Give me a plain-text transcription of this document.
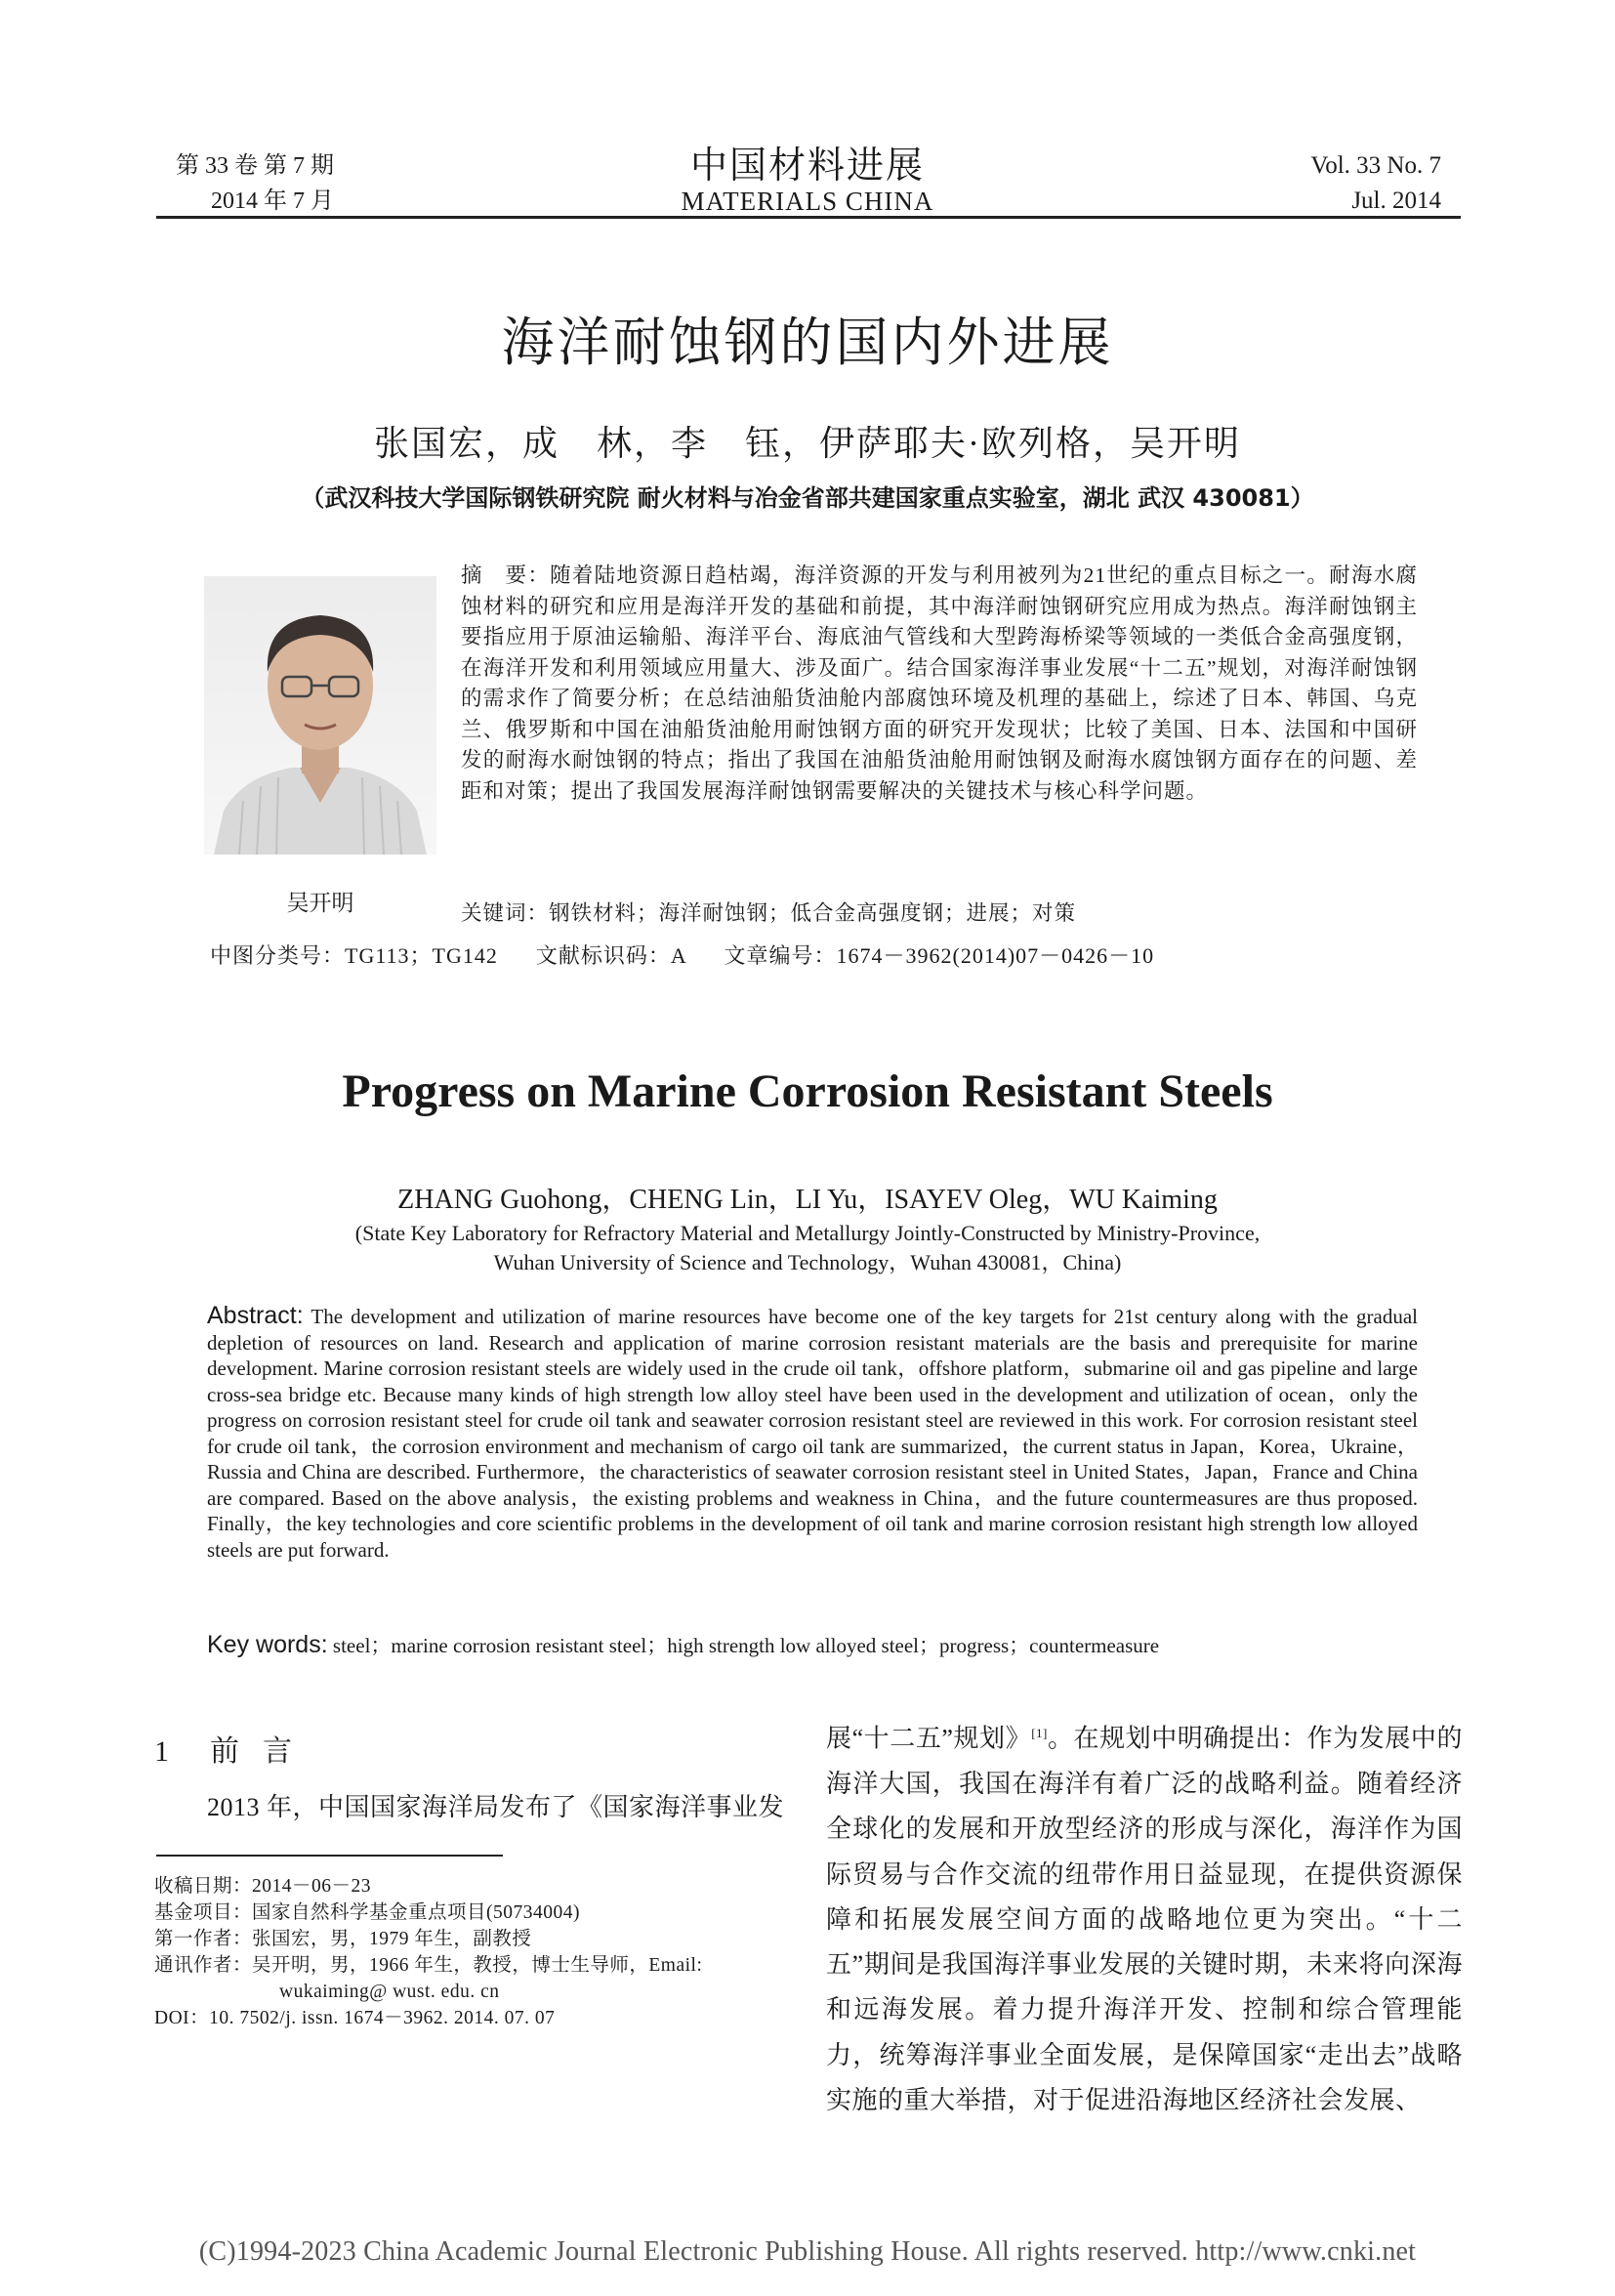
第 33 卷 第 7 期
2014 年 7 月
中国材料进展
MATERIALS CHINA
Vol. 33 No. 7
Jul. 2014
海洋耐蚀钢的国内外进展
张国宏，成　林，李　钰，伊萨耶夫·欧列格，吴开明
（武汉科技大学国际钢铁研究院 耐火材料与冶金省部共建国家重点实验室，湖北 武汉 430081）
吴开明
摘　要：随着陆地资源日趋枯竭，海洋资源的开发与利用被列为21世纪的重点目标之一。耐海水腐蚀材料的研究和应用是海洋开发的基础和前提，其中海洋耐蚀钢研究应用成为热点。海洋耐蚀钢主要指应用于原油运输船、海洋平台、海底油气管线和大型跨海桥梁等领域的一类低合金高强度钢，在海洋开发和利用领域应用量大、涉及面广。结合国家海洋事业发展“十二五”规划，对海洋耐蚀钢的需求作了简要分析；在总结油船货油舱内部腐蚀环境及机理的基础上，综述了日本、韩国、乌克兰、俄罗斯和中国在油船货油舱用耐蚀钢方面的研究开发现状；比较了美国、日本、法国和中国研发的耐海水耐蚀钢的特点；指出了我国在油船货油舱用耐蚀钢及耐海水腐蚀钢方面存在的问题、差距和对策；提出了我国发展海洋耐蚀钢需要解决的关键技术与核心科学问题。
关键词：钢铁材料；海洋耐蚀钢；低合金高强度钢；进展；对策
中图分类号：TG113；TG142      文献标识码：A      文章编号：1674－3962(2014)07－0426－10
Progress on Marine Corrosion Resistant Steels
ZHANG Guohong，CHENG Lin，LI Yu，ISAYEV Oleg，WU Kaiming
(State Key Laboratory for Refractory Material and Metallurgy Jointly-Constructed by Ministry-Province,
Wuhan University of Science and Technology，Wuhan 430081，China)
Abstract: The development and utilization of marine resources have become one of the key targets for 21st century along with the gradual depletion of resources on land. Research and application of marine corrosion resistant materials are the basis and prerequisite for marine development. Marine corrosion resistant steels are widely used in the crude oil tank，offshore platform，submarine oil and gas pipeline and large cross-sea bridge etc. Because many kinds of high strength low alloy steel have been used in the development and utilization of ocean，only the progress on corrosion resistant steel for crude oil tank and seawater corrosion resistant steel are reviewed in this work. For corrosion resistant steel for crude oil tank，the corrosion environment and mechanism of cargo oil tank are summarized，the current status in Japan，Korea，Ukraine，Russia and China are described. Furthermore，the characteristics of seawater corrosion resistant steel in United States，Japan，France and China are compared. Based on the above analysis，the existing problems and weakness in China，and the future countermeasures are thus proposed. Finally，the key technologies and core scientific problems in the development of oil tank and marine corrosion resistant high strength low alloyed steels are put forward.
Key words: steel；marine corrosion resistant steel；high strength low alloyed steel；progress；countermeasure
1 前言
2013 年，中国国家海洋局发布了《国家海洋事业发
收稿日期：2014－06－23
基金项目：国家自然科学基金重点项目(50734004)
第一作者：张国宏，男，1979 年生，副教授
通讯作者：吴开明，男，1966 年生，教授，博士生导师，Email:
wukaiming@ wust. edu. cn
DOI：10. 7502/j. issn. 1674－3962. 2014. 07. 07
展“十二五”规划》[1]。在规划中明确提出：作为发展中的海洋大国，我国在海洋有着广泛的战略利益。随着经济全球化的发展和开放型经济的形成与深化，海洋作为国际贸易与合作交流的纽带作用日益显现，在提供资源保障和拓展发展空间方面的战略地位更为突出。“十二五”期间是我国海洋事业发展的关键时期，未来将向深海和远海发展。着力提升海洋开发、控制和综合管理能力，统筹海洋事业全面发展，是保障国家“走出去”战略实施的重大举措，对于促进沿海地区经济社会发展、
(C)1994-2023 China Academic Journal Electronic Publishing House. All rights reserved. http://www.cnki.net
